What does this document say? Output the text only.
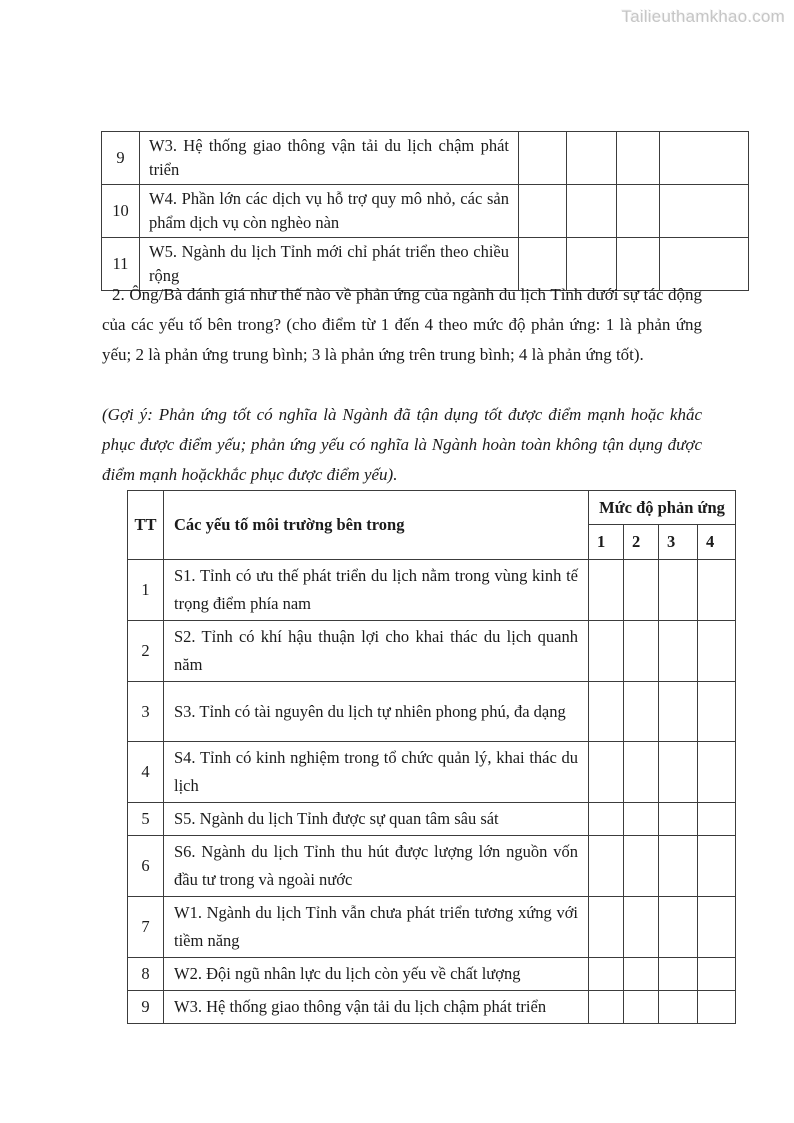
Tailieuthamkhao.com
9	W3. Hệ thống giao thông vận tải du lịch chậm phát triển				
10	W4. Phần lớn các dịch vụ hỗ trợ quy mô nhỏ, các sản phẩm dịch vụ còn nghèo nàn				
11	W5. Ngành du lịch Tỉnh mới chỉ phát triển theo chiều rộng				
2. Ông/Bà đánh giá như thế nào về phản ứng của ngành du lịch Tỉnh dưới sự tác động của các yếu tố bên trong? (cho điểm từ 1 đến 4 theo mức độ phản ứng: 1 là phản ứng yếu; 2 là phản ứng trung bình; 3 là phản ứng trên trung bình; 4 là phản ứng tốt).
(Gợi ý: Phản ứng tốt có nghĩa là Ngành đã tận dụng tốt được điểm mạnh hoặc khắc phục được điểm yếu; phản ứng yếu có nghĩa là Ngành hoàn toàn không tận dụng được điểm mạnh hoặckhắc phục được điểm yếu).
TT	Các yếu tố môi trường bên trong	Mức độ phản ứng			
		1	2	3	4
1	S1. Tỉnh có ưu thế phát triển du lịch nằm trong vùng kinh tế trọng điểm phía nam				
2	S2. Tỉnh có khí hậu thuận lợi cho khai thác du lịch quanh năm				
3	S3. Tỉnh có tài nguyên du lịch tự nhiên phong phú, đa dạng				
4	S4. Tỉnh có kinh nghiệm trong tổ chức quản lý, khai thác du lịch				
5	S5. Ngành du lịch Tỉnh được sự quan tâm sâu sát				
6	S6. Ngành du lịch Tỉnh thu hút được lượng lớn nguồn vốn đầu tư trong và ngoài nước				
7	W1. Ngành du lịch Tỉnh vẫn chưa phát triển tương xứng với tiềm năng				
8	W2. Đội ngũ nhân lực du lịch còn yếu về chất lượng				
9	W3. Hệ thống giao thông vận tải du lịch chậm phát triển				
